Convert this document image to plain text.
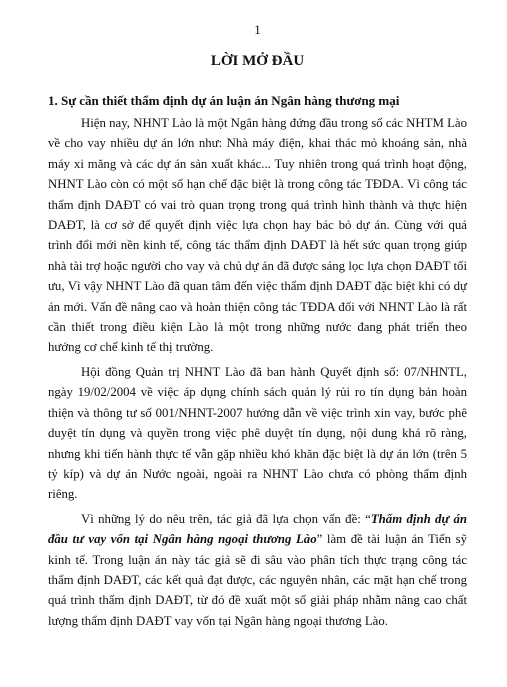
1
LỜI MỞ ĐẦU
1. Sự cần thiết thẩm định dự án luận án Ngân hàng thương mại

Hiện nay, NHNT Lào là một Ngân hàng đứng đầu trong số các NHTM Lào về cho vay nhiều dự án lớn như: Nhà máy điện, khai thác mỏ khoáng sản, nhà máy xi măng và các dự án sản xuất khác... Tuy nhiên trong quá trình hoạt động, NHNT Lào còn có một số hạn chế đặc biệt là trong công tác TĐDA. Vì công tác thẩm định DAĐT có vai trò quan trọng trong quá trình hình thành và thực hiện DAĐT, là cơ sở để quyết định việc lựa chọn hay bác bỏ dự án. Cùng với quá trình đổi mới nền kinh tế, công tác thẩm định DAĐT là hết sức quan trọng giúp nhà tài trợ hoặc người cho vay và chủ dự án đã được sáng lọc lựa chọn DAĐT tối ưu, Vì vậy NHNT Lào đã quan tâm đến việc thẩm định DAĐT đặc biệt khi có dự án mới. Vấn đề nâng cao và hoàn thiện công tác TĐDA đối với NHNT Lào là rất cần thiết trong điều kiện Lào là một trong những nước đang phát triển theo hướng cơ chế kinh tế thị trường.

Hội đồng Quản trị NHNT Lào đã ban hành Quyết định số: 07/NHNTL, ngày 19/02/2004 về việc áp dụng chính sách quản lý rủi ro tín dụng bản hoàn thiện và thông tư số 001/NHNT-2007 hướng dẫn về việc trình xin vay, bước phê duyệt tín dụng và quyền trong việc phê duyệt tín dụng, nội dung khá rõ ràng, nhưng khi tiến hành thực tế vẫn gặp nhiều khó khăn đặc biệt là dự án lớn (trên 5 tỷ kíp) và dự án Nước ngoài, ngoài ra NHNT Lào chưa có phòng thẩm định riêng.

Vì những lý do nêu trên, tác giả đã lựa chọn vấn đề: “Thẩm định dự án đầu tư vay vốn tại Ngân hàng ngoại thương Lào” làm đề tài luận án Tiến sỹ kinh tế. Trong luận án này tác giả sẽ đi sâu vào phân tích thực trạng công tác thẩm định DAĐT, các kết quả đạt được, các nguyên nhân, các mặt hạn chế trong quá trình thẩm định DAĐT, từ đó đề xuất một số giải pháp nhằm nâng cao chất lượng thẩm định DAĐT vay vốn tại Ngân hàng ngoại thương Lào.
